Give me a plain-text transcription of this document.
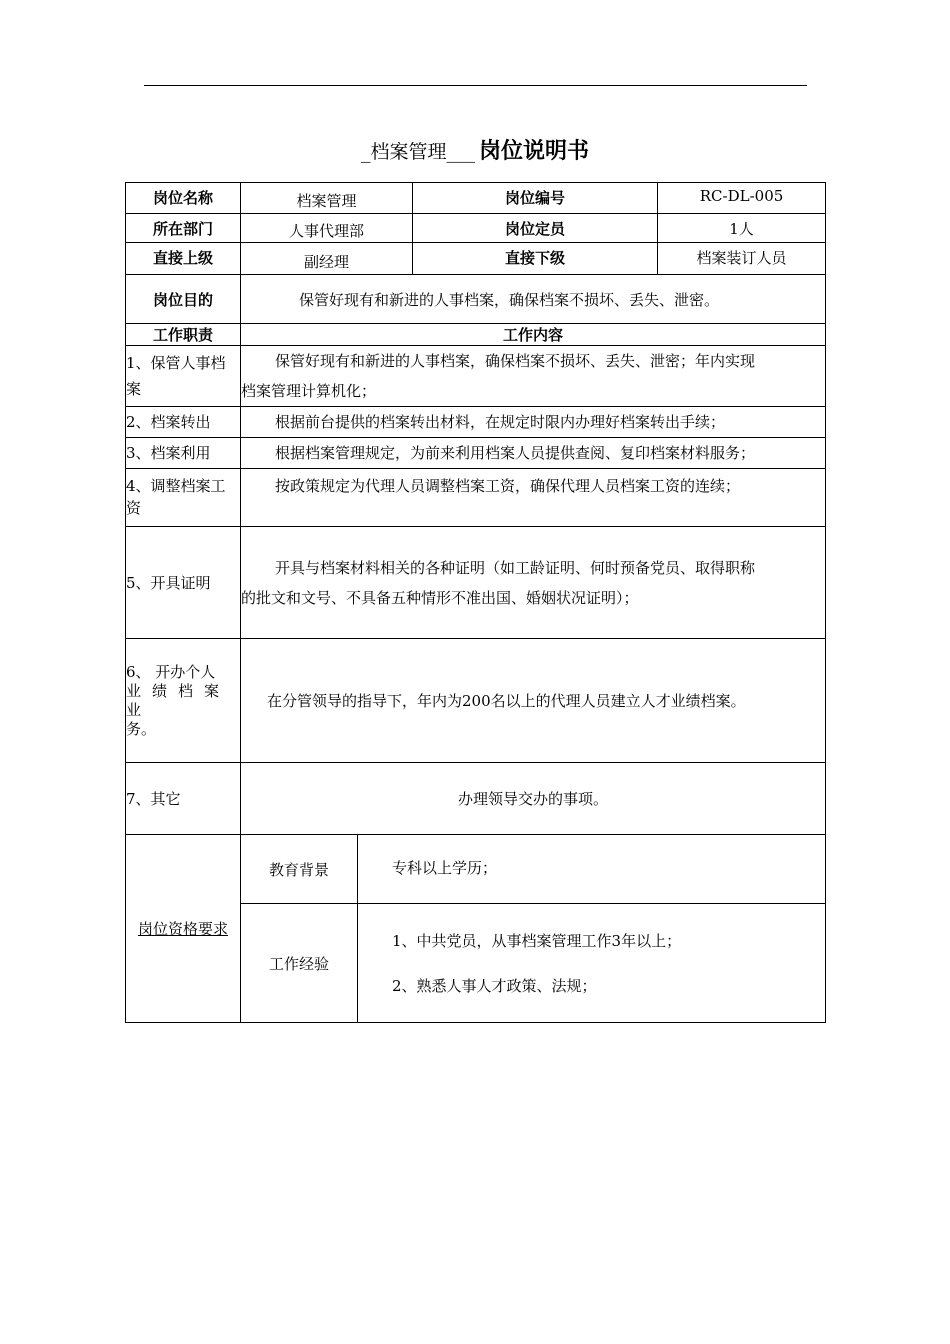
_档案管理___ 岗位说明书
岗位名称	档案管理		岗位编号	RC-DL-005
所在部门	人事代理部		岗位定员	1人
直接上级	副经理		直接下级	档案装订人员
岗位目的	保管好现有和新进的人事档案，确保档案不损坏、丢失、泄密。			
工作职责	工作内容			

1、保管人事档
案	保管好现有和新进的人事档案，确保档案不损坏、丢失、泄密；年内实现
档案管理计算机化；			

2、档案转出	根据前台提供的档案转出材料，在规定时限内办理好档案转出手续；			
3、档案利用	根据档案管理规定，为前来利用档案人员提供查阅、复印档案材料服务；			

4、调整档案工
资	按政策规定为代理人员调整档案工资，确保代理人员档案工资的连续；			
5、开具证明	开具与档案材料相关的各种证明（如工龄证明、何时预备党员、取得职称
的批文和文号、不具备五种情形不准出国、婚姻状况证明）；			

6、 开办个人
业绩档案业
务。	在分管领导的指导下，年内为200名以上的代理人员建立人才业绩档案。			
7、其它	办理领导交办的事项。			
岗位资格要求	教育背景	专科以上学历；		
	工作经验	1、中共党员，从事档案管理工作3年以上；
2、熟悉人事人才政策、法规；		
